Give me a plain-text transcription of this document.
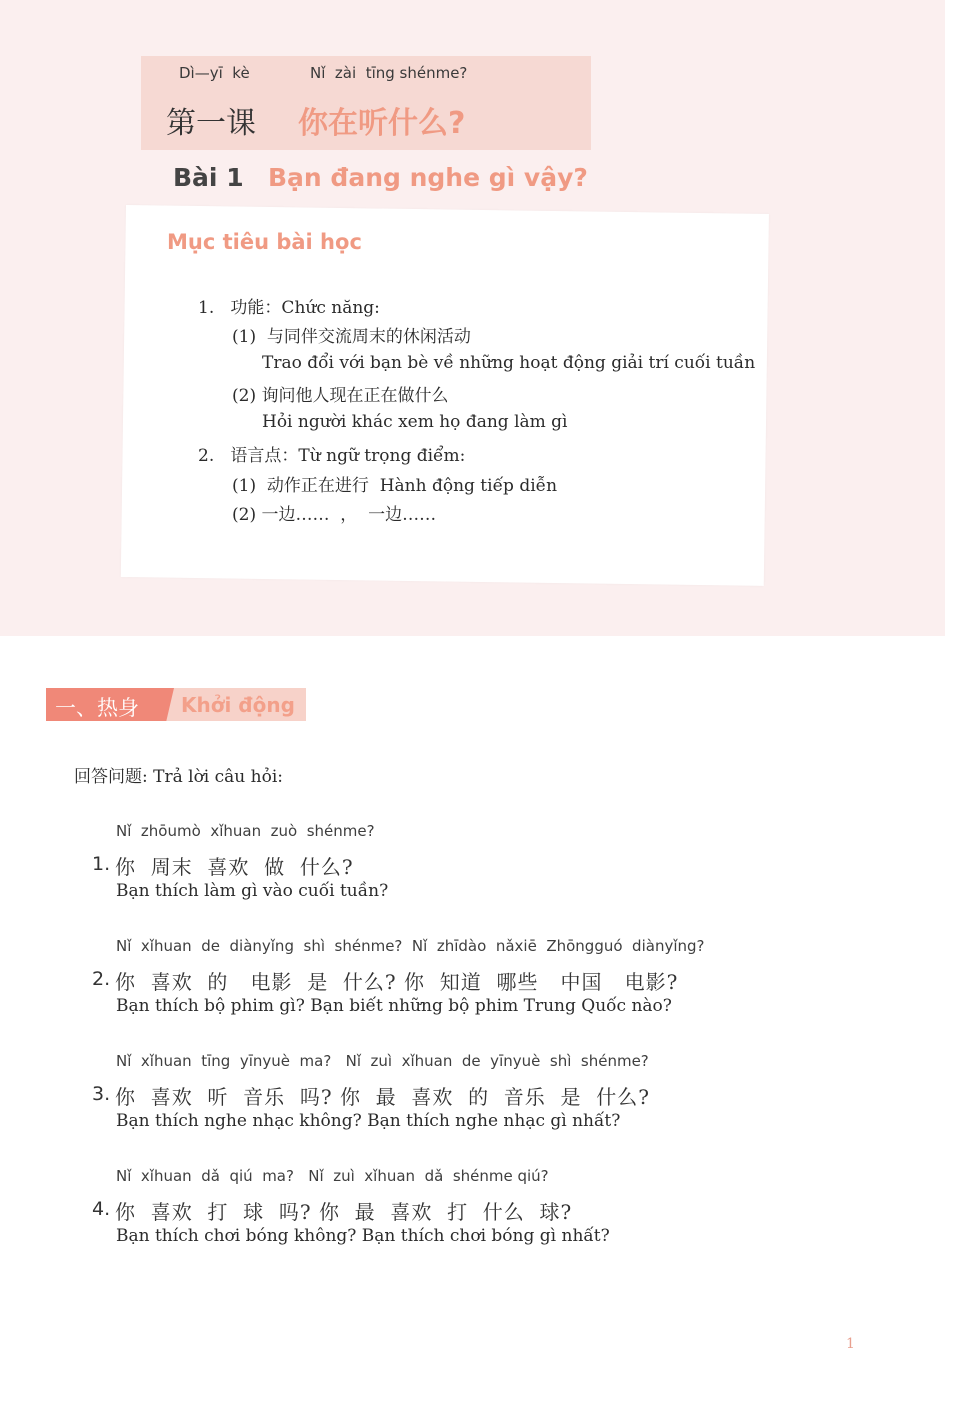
Dì—yī  kè	Nǐ  zài  tīng shénme?
第一课 你在听什么?
Bài 1 Bạn đang nghe gì vậy?
Mục tiêu bài học
1.   功能：Chức năng:
(1)  与同伴交流周末的休闲活动
Trao đổi với bạn bè về những hoạt động giải trí cuối tuần
(2) 询问他人现在正在做什么
Hỏi người khác xem họ đang làm gì
2.   语言点：Từ ngữ trọng điểm:
(1)  动作正在进行  Hành động tiếp diễn
(2) 一边……  ，  一边……
一、热身 Khởi động
回答问题: Trả lời câu hỏi:
Nǐ  zhōumò  xǐhuan  zuò  shénme?
1. 你  周末  喜欢  做  什么?
Bạn thích làm gì vào cuối tuần?
Nǐ  xǐhuan  de  diànyǐng  shì  shénme?  Nǐ  zhīdào  nǎxiē  Zhōngguó  diànyǐng?
2. 你  喜欢  的   电影  是  什么? 你  知道  哪些   中国   电影?
Bạn thích bộ phim gì? Bạn biết những bộ phim Trung Quốc nào?
Nǐ  xǐhuan  tīng  yīnyuè  ma?   Nǐ  zuì  xǐhuan  de  yīnyuè  shì  shénme?
3. 你  喜欢  听  音乐  吗? 你  最  喜欢  的  音乐  是  什么?
Bạn thích nghe nhạc không? Bạn thích nghe nhạc gì nhất?
Nǐ  xǐhuan  dǎ  qiú  ma?   Nǐ  zuì  xǐhuan  dǎ  shénme qiú?
4. 你  喜欢  打  球  吗? 你  最  喜欢  打  什么  球?
Bạn thích chơi bóng không? Bạn thích chơi bóng gì nhất?
1
